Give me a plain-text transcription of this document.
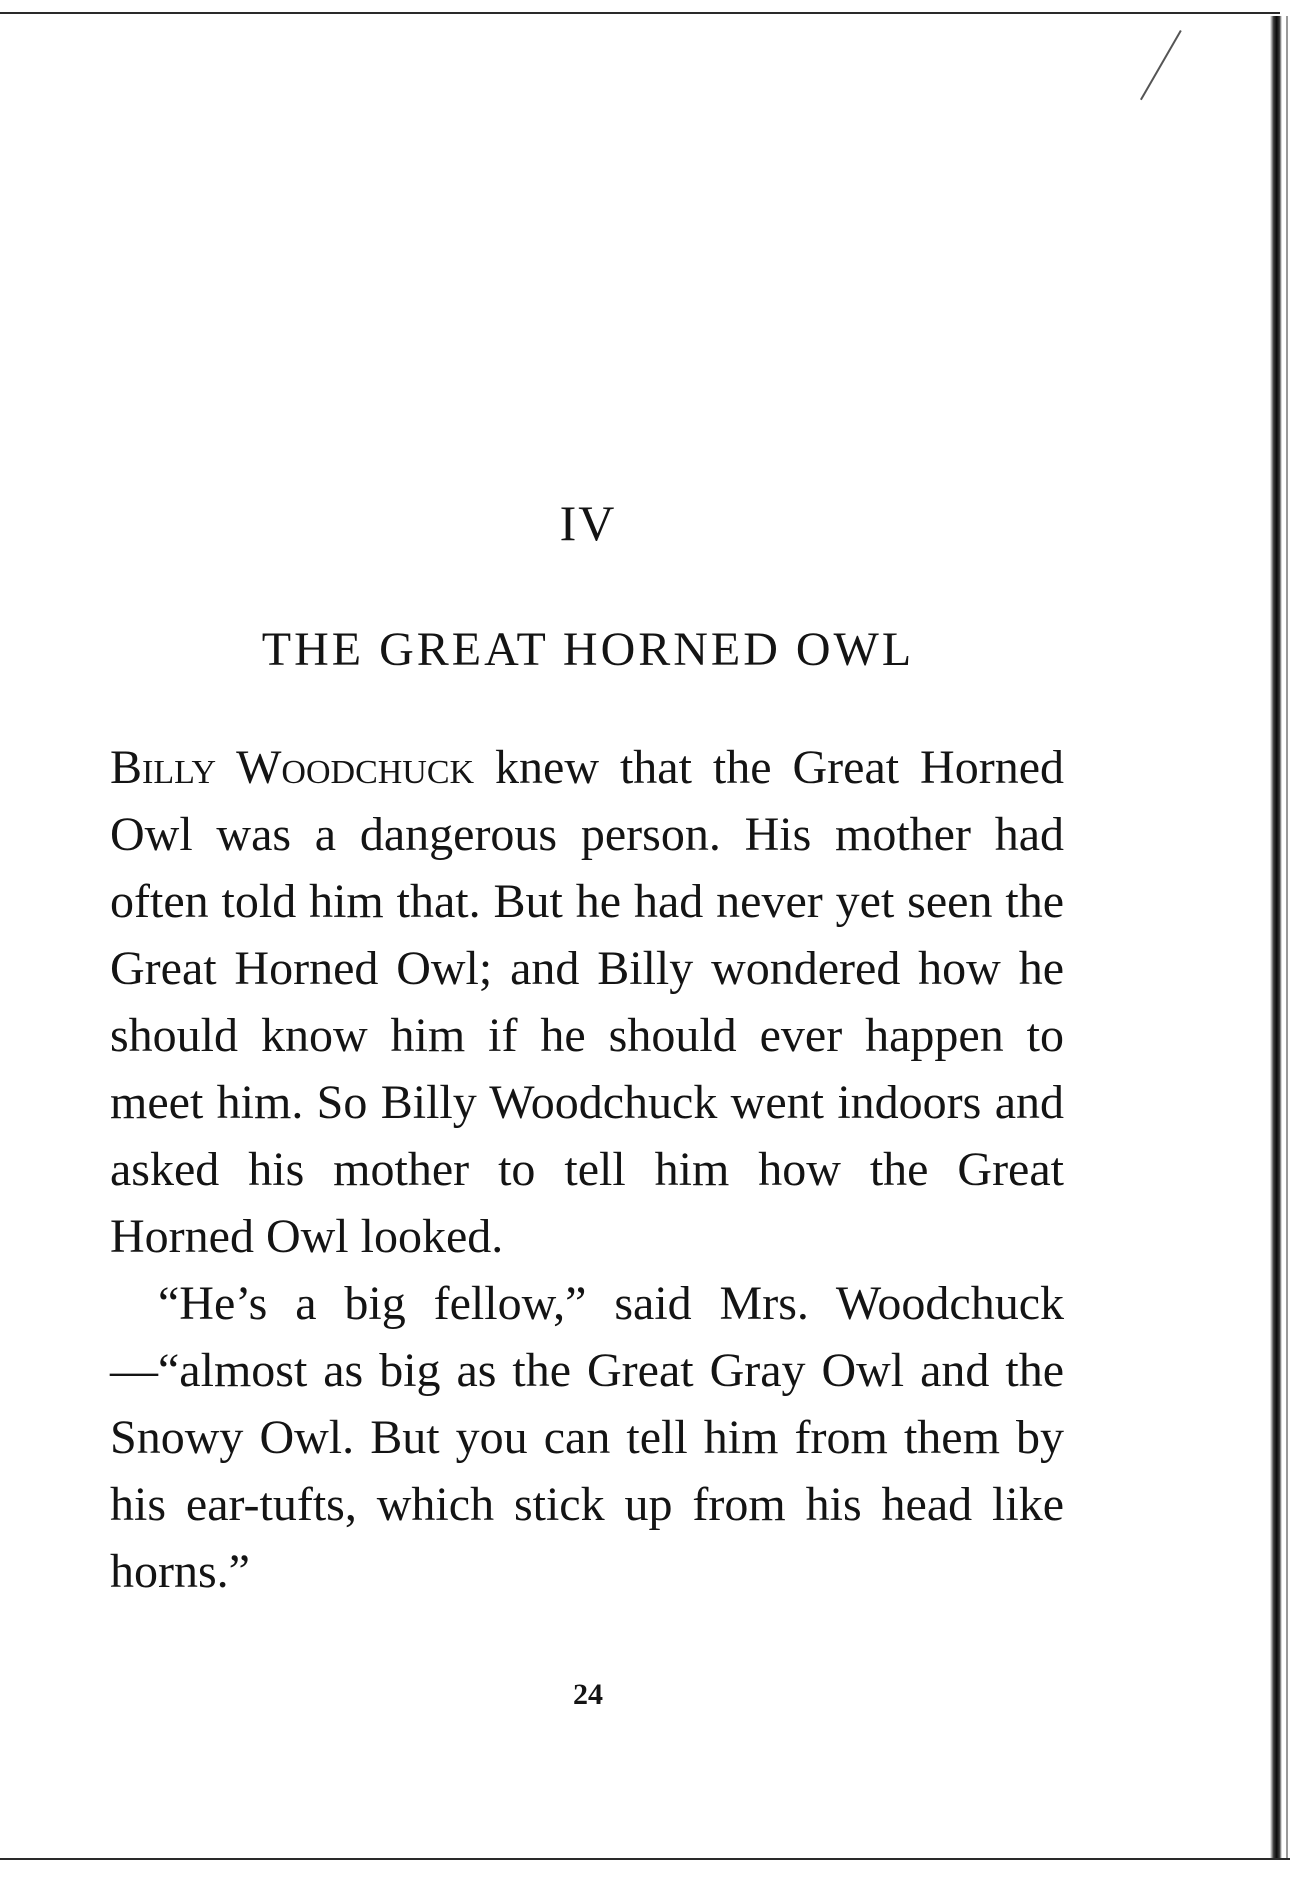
IV
THE GREAT HORNED OWL

Billy Woodchuck knew that the Great Horned Owl was a dangerous person. His mother had often told him that. But he had never yet seen the Great Horned Owl; and Billy wondered how he should know him if he should ever happen to meet him. So Billy Woodchuck went indoors and asked his mother to tell him how the Great Horned Owl looked.

“He’s a big fellow,” said Mrs. Woodchuck—“almost as big as the Great Gray Owl and the Snowy Owl. But you can tell him from them by his ear-tufts, which stick up from his head like horns.”

24
